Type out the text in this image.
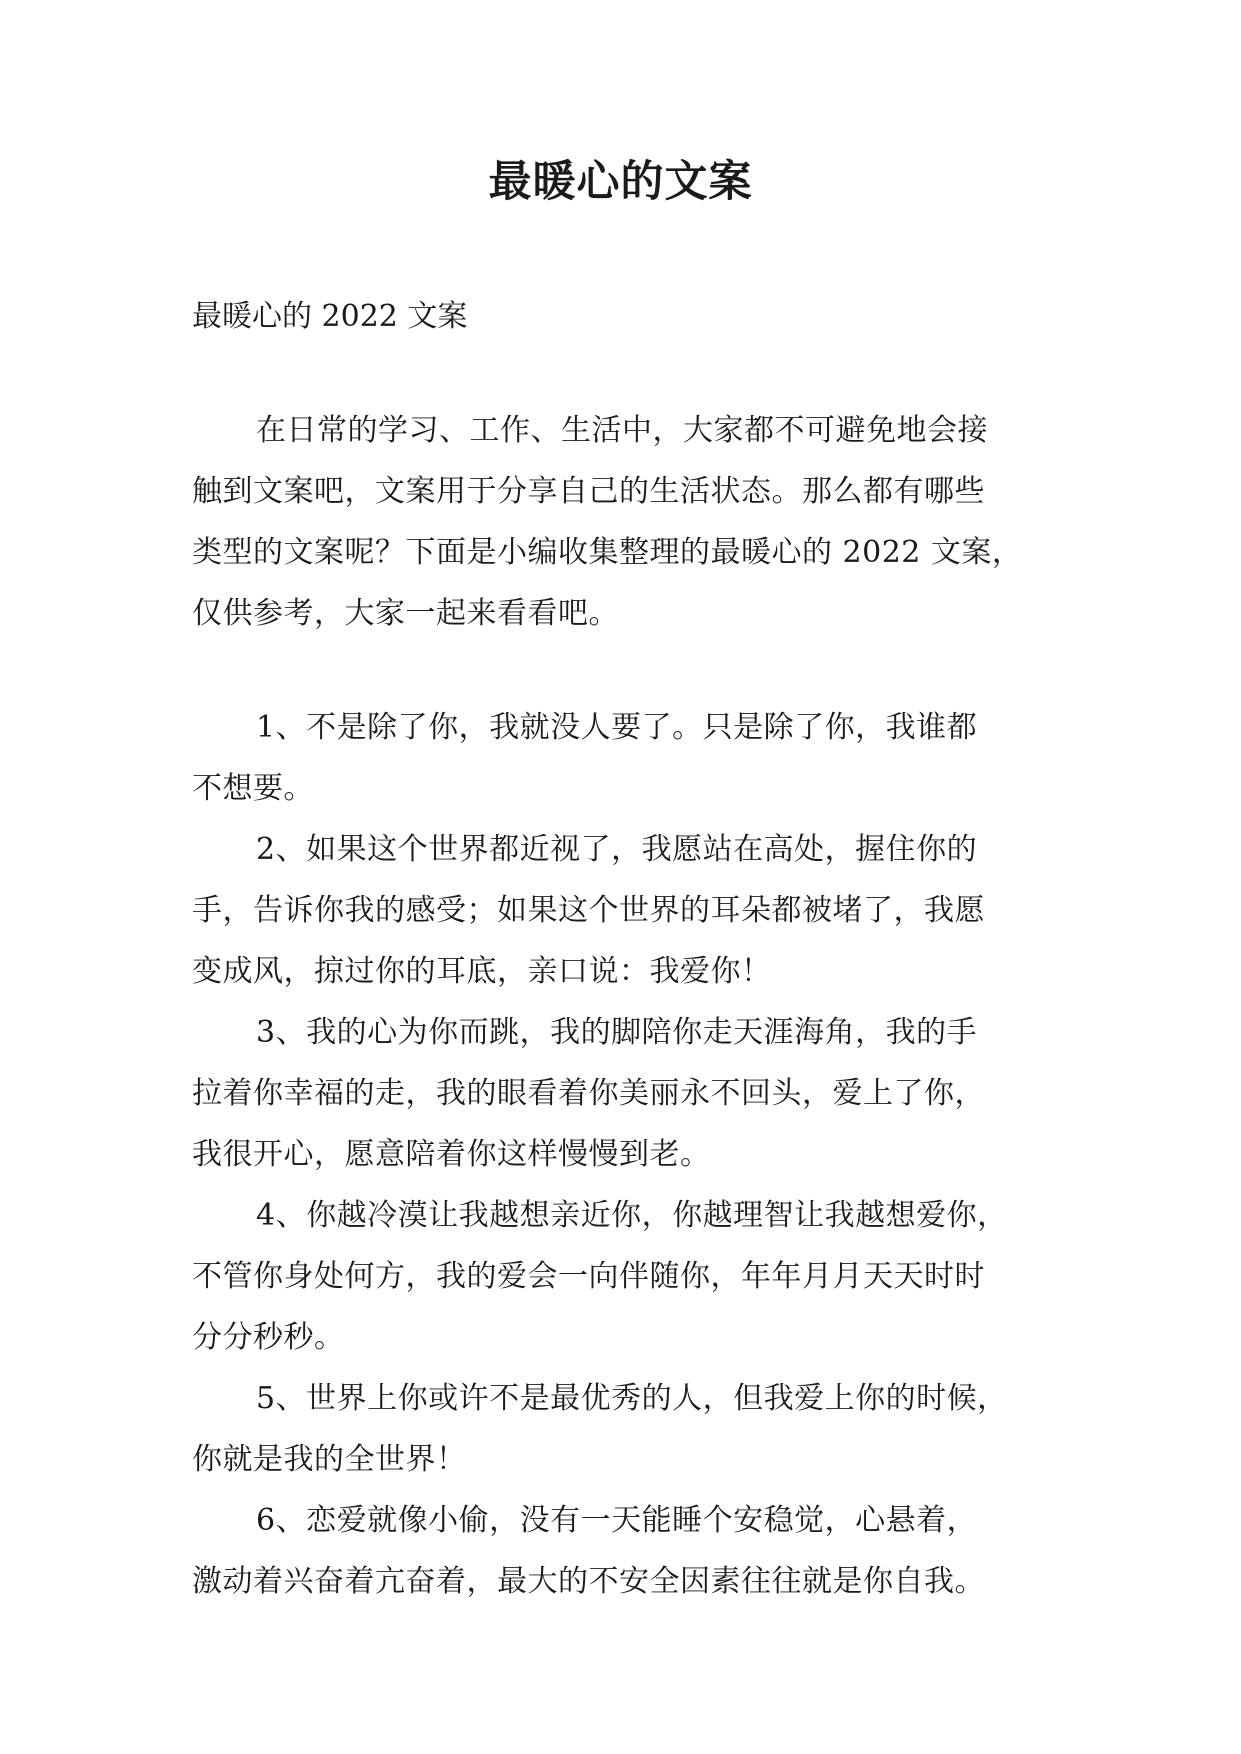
最暖心的文案
最暖心的 2022 文案
在日常的学习、工作、生活中，大家都不可避免地会接
触到文案吧，文案用于分享自己的生活状态。那么都有哪些
类型的文案呢？下面是小编收集整理的最暖心的 2022 文案，
仅供参考，大家一起来看看吧。
1、不是除了你，我就没人要了。只是除了你，我谁都
不想要。
2、如果这个世界都近视了，我愿站在高处，握住你的
手，告诉你我的感受；如果这个世界的耳朵都被堵了，我愿
变成风，掠过你的耳底，亲口说：我爱你！
3、我的心为你而跳，我的脚陪你走天涯海角，我的手
拉着你幸福的走，我的眼看着你美丽永不回头，爱上了你，
我很开心，愿意陪着你这样慢慢到老。
4、你越冷漠让我越想亲近你，你越理智让我越想爱你，
不管你身处何方，我的爱会一向伴随你，年年月月天天时时
分分秒秒。
5、世界上你或许不是最优秀的人，但我爱上你的时候，
你就是我的全世界！
6、恋爱就像小偷，没有一天能睡个安稳觉，心悬着，
激动着兴奋着亢奋着，最大的不安全因素往往就是你自我。
